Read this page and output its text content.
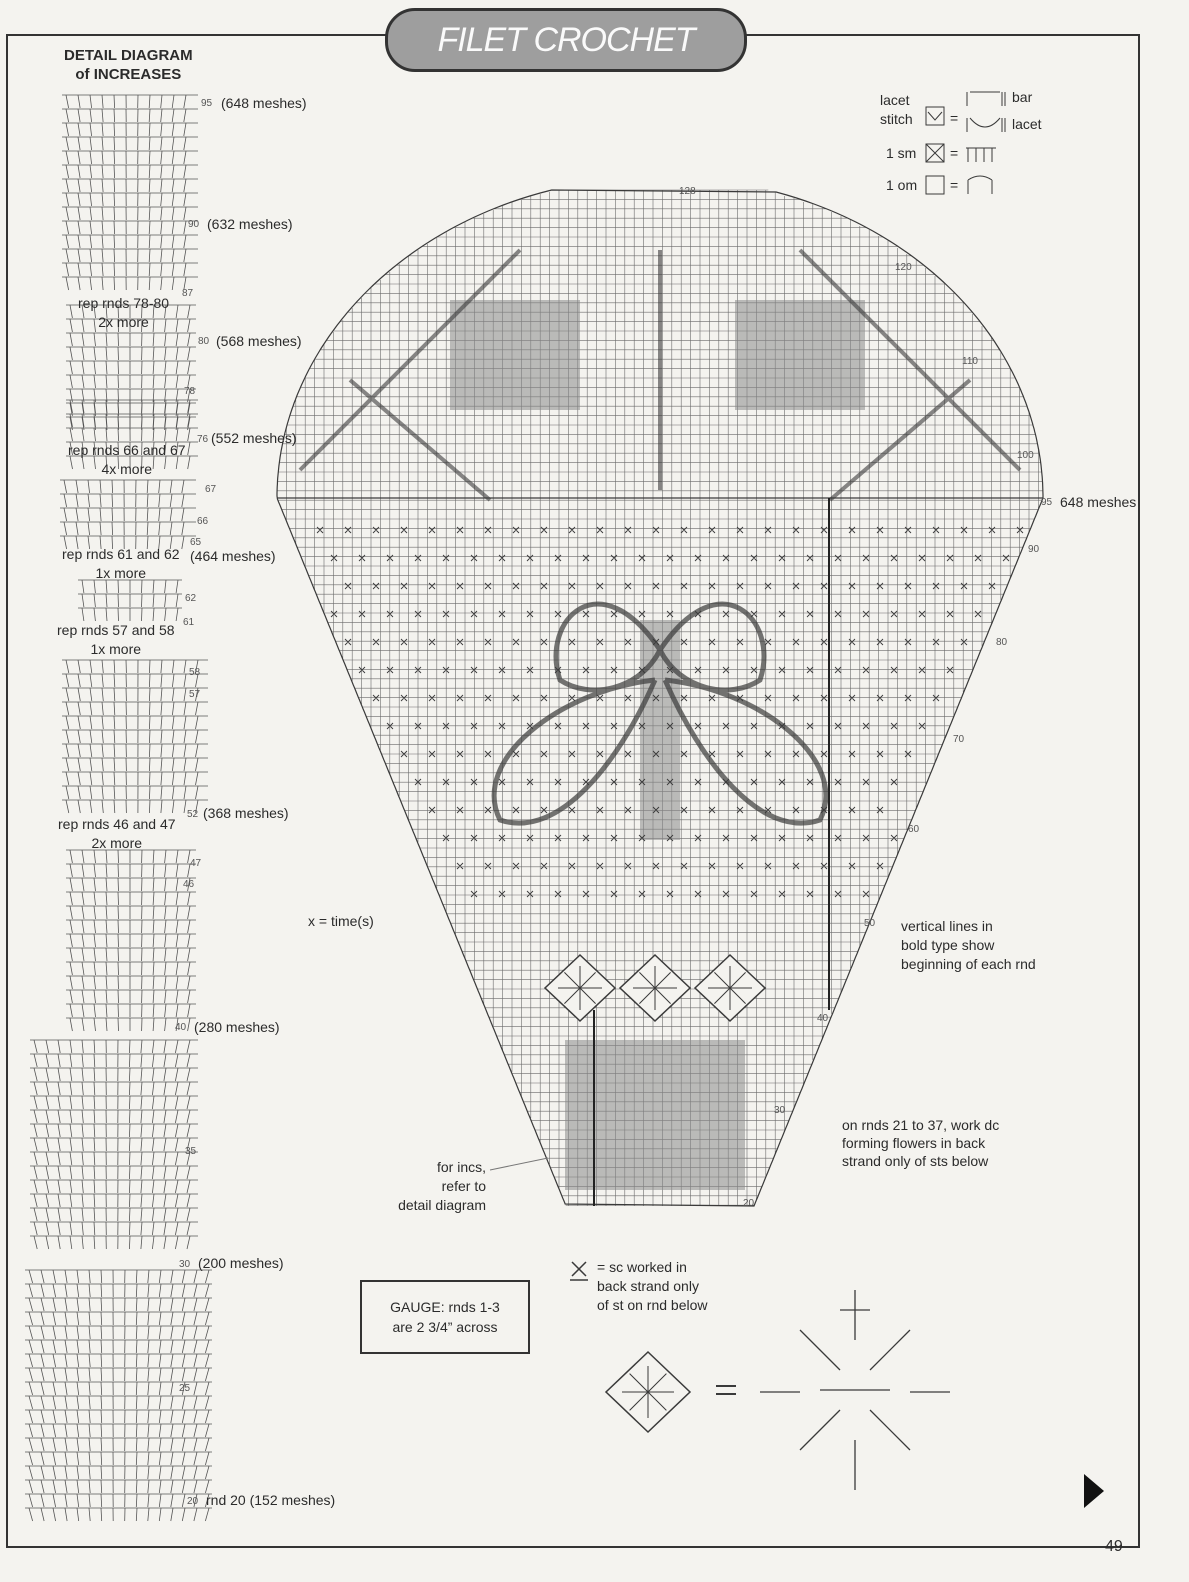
FILET CROCHET
DETAIL DIAGRAM
of INCREASES
95 (648 meshes)
90 (632 meshes)
87
80 (568 meshes)
78
76 (552 meshes)
67
66
65
(464 meshes)
62
61
58
57
52 (368 meshes)
47
46
40 (280 meshes)
35
30 (200 meshes)
25
20 rnd 20 (152 meshes)
rep rnds 78-80
2x more
rep rnds 66 and 67
4x more
rep rnds 61 and 62
1x more
rep rnds 57 and 58
1x more
rep rnds 46 and 47
2x more
lacet
stitch
bar
lacet
1 sm
1 om
=
=
=
128
120
110
100
95 648 meshes
90
80
70
60
50
40
30
20
x = time(s)	vertical lines in
bold type show
beginning of each rnd
on rnds 21 to 37, work dc
forming flowers in back
strand only of sts below
for incs,
refer to
detail diagram
= sc worked in
back strand only
of st on rnd below
GAUGE: rnds 1-3
are 2 3/4” across
49
